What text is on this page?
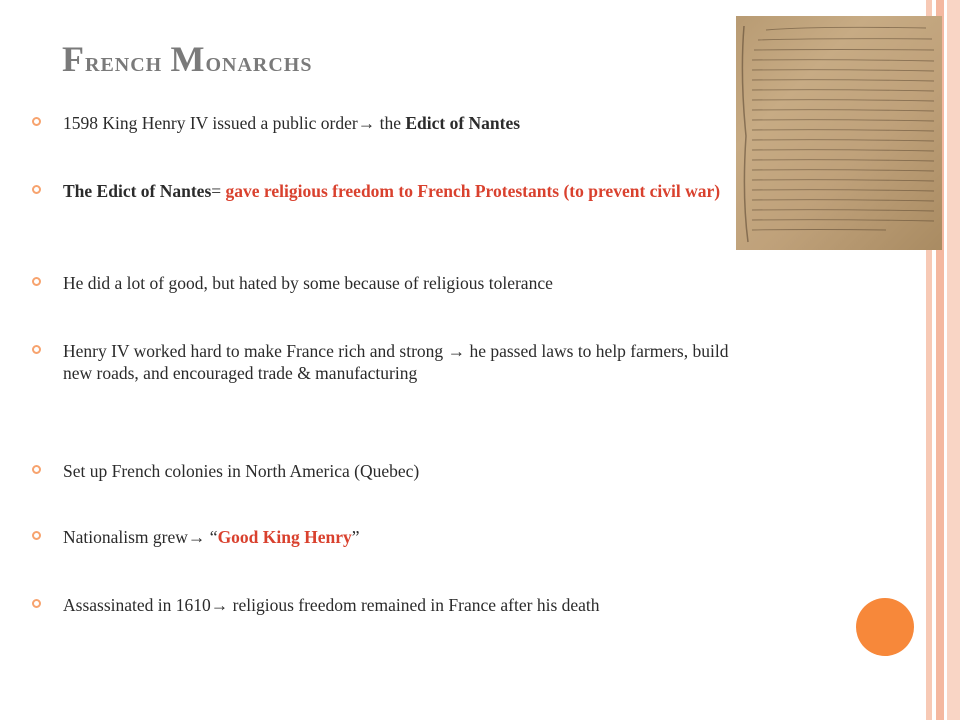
French Monarchs
1598 King Henry IV issued a public order→ the Edict of Nantes
The Edict of Nantes= gave religious freedom to French Protestants (to prevent civil war)
He did a lot of good, but hated by some because of religious tolerance
Henry IV worked hard to make France rich and strong → he passed laws to help farmers, build new roads, and encouraged trade & manufacturing
Set up French colonies in North America (Quebec)
Nationalism grew→ “Good King Henry”
Assassinated in 1610→ religious freedom remained in France after his death
